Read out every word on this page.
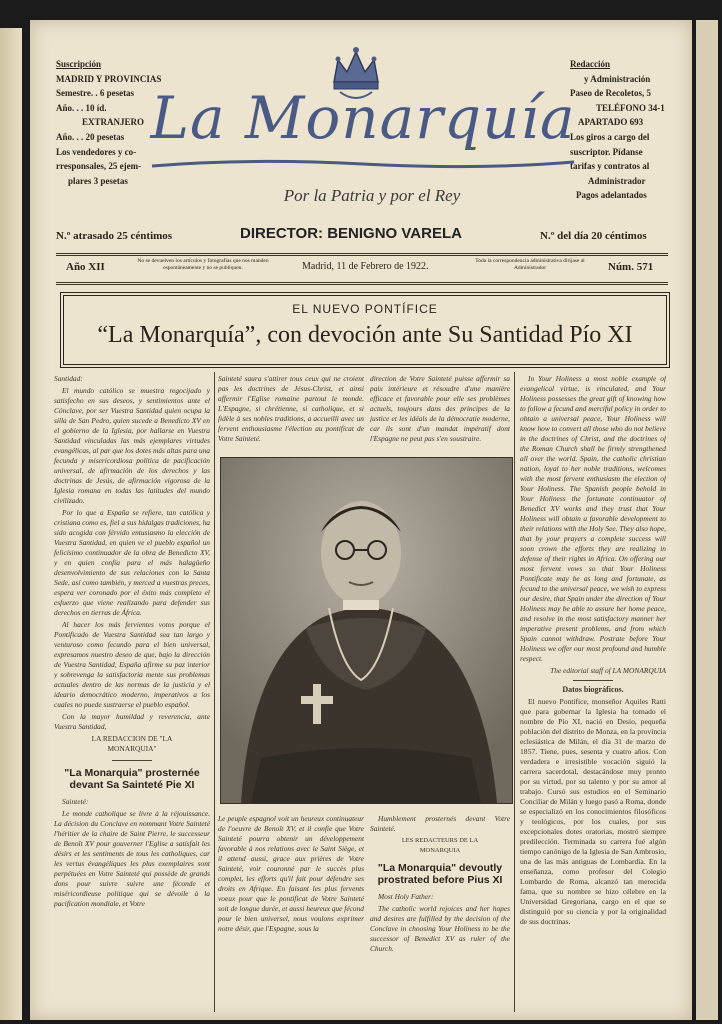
Suscripción
MADRID Y PROVINCIAS
Semestre. . 6 pesetas
Año. . . 10 íd.
EXTRANJERO
Año. . . 20 pesetas
Los vendedores y co-
rresponsales, 25 ejem-
plares 3 pesetas
Redacción
y Administración
Paseo de Recoletos, 5
TELÉFONO 34-1
APARTADO 693
Los giros a cargo del
suscriptor. Pídanse
tarifas y contratos al
Administrador
Pagos adelantados
La Monarquía
Por la Patria y por el Rey
N.º atrasado 25 céntimos	DIRECTOR: BENIGNO VARELA	N.º del día 20 céntimos
Año XII	No se devuelven los artículos y fotografías que nos manden espontáneamente y no se publiquen.	Madrid, 11 de Febrero de 1922.	Toda la correspondencia administrativa dirijase al Administrador	Núm. 571
EL NUEVO PONTÍFICE
“La Monarquía”, con devoción ante Su Santidad Pío XI

Santidad:

El mundo católico se muestra regocijado y satisfecho en sus deseos, y sentimientos ante el Cónclave, por ser Vuestra Santidad quien ocupa la silla de San Pedro, quien sucede a Benedicto XV en el gobierno de la Iglesia, por hallarse en Vuestra Santidad vinculadas las más ejemplares virtudes evangélicas, al par que los dotes más altas para una fecunda y misericordiosa política de pacificación universal, de afirmación de los derechos y las doctrinas de Jesús, de afirmación vigorosa de la Iglesia romana en todas las latitudes del mundo civilizado.

Por lo que a España se refiere, tan católica y cristiana como es, fiel a sus hidalgas tradiciones, ha sido acogida con férvido entusiasmo la elección de Vuestra Santidad, en quien ve el pueblo español un felicísimo continuador de la obra de Benedicto XV, y en quien confía para el más halagüeño desenvolvimiento de sus relaciones con la Santa Sede, así como también, y merced a vuestras preces, espera ver coronado por el éxito más completo el esfuerzo que viene realizando para defender sus derechos en tierras de África.

Al hacer los más fervientes votos porque el Pontificado de Vuestra Santidad sea tan largo y venturoso como fecundo para el bien universal, expresamos nuestro deseo de que, bajo la dirección de Vuestra Santidad, España afirme su paz interior y sobrevenga la satisfactoria mente sus problemas actuales dentro de las normas de la justicia y el ideario democrático moderno, imperativos a los cuales no puede sustraerse el pueblo español.

Con la mayor humildad y reverencia, ante Vuestra Santidad,

LA REDACCION DE "LA MONARQUIA"

"La Monarquia" prosternée devant Sa Sainteté Pie XI

Sainteté:

Le monde catholique se livre à la réjouissance. La décision du Conclave en nommant Votre Sainteté l'héritier de la chaire de Saint Pierre, le successeur de Benoît XV pour gouverner l'Eglise a satisfait les désirs et les sentiments de tous les catholiques, car les vertus évangéliques les plus exemplaires sont perpétuées en Votre Sainteté qui possède de grands dons pour suivre suivre une féconde et miséricordieuse politique qui se dévoile à la pacification mondiale, et Votre

Sainteté saura s'attirer tous ceux qui ne croient pas les doctrines de Jésus-Christ, et ainsi affermir l'Eglise romaine partout le monde. L'Espagne, si chrétienne, si catholique, et si fidèle à ses nobles traditions, a accueilli avec un fervent enthousiasme l'élection au pontificat de Votre Sainteté.

direction de Votre Sainteté puisse affermir sa paix intérieure et résoudre d'une manière efficace et favorable pour elle ses problèmes actuels, toujours dans des principes de la justice et les idéals de la démocratie moderne, car ils sont d'un mandat impératif dont l'Espagne ne peut pas s'en soustraire.

Le peuple espagnol voit un heureux continuateur de l'oeuvre de Benoît XV, et il confie que Votre Sainteté pourra obtenir un développement favorable à nos relations avec le Saint Siège, et il attend aussi, grace aux prières de Votre Sainteté, voir couronné par le succès plus complet, les efforts qu'il fait pour défendre ses droits en Afrique. En faisant les plus fervents voeux pour que le pontificat de Votre Sainteté soit de longue durée, et aussi heureux que fécond pour le bien universel, nous voulons exprimer notre désir, que l'Espagne, sous la

Humblement prosternés devant Votre Sainteté.

LES REDACTEURS DE LA MONARQUIA

"La Monarquia" devoutly prostrated before Pius XI

Most Holy Father:

The catholic world rejoices and her hopes and desires are fulfilled by the decision of the Conclave in choosing Your Holiness to be the successor of Benedict XV as ruler of the Church.

In Your Holiness a most noble example of evangelical virtue, is vinculated, and Your Holiness possesses the great gift of knowing how to follow a fecund and merciful policy in order to obtain a universal peace, Your Holiness will know how to convert all those who do not believe in the doctrines of Christ, and the doctrines of the Roman Church shall be firmly strengthened all over the world. Spain, the catholic christian nation, loyal to her noble traditions, welcomes with the most fervent enthusiasm the election of Your Holiness. The Spanish people behold in Your Holiness the fortunate continuator of Benedict XV works and they trust that Your Holiness will obtain a favorable development to their relations with the Holy See. They also hope, that by your prayers a complete success will soon crown the efforts they are realizing in defense of their rights in Africa. On offering our most fervent vows so that Your Holiness Pontificate may be as long and fortunate, as fecund to the universal peace, we wish to express our desire, that Spain under the direction of Your Holiness may be able to assure her home peace, and resolve in the most satisfactory manner her imperative present problems, and from which Spain cannot withdraw. Postrate before Your Holiness we offer our most profound and humble respect.

The editorial staff of LA MONARQUIA

Datos biográficos.

El nuevo Pontífice, monseñor Aquiles Ratti que para gobernar la Iglesia ha tomado el nombre de Pío XI, nació en Desio, pequeña población del distrito de Monza, en la provincia eclesiástica de Milán, el día 31 de marzo de 1857. Tiene, pues, sesenta y cuatro años. Con verdadera e irresistible vocación siguió la carrera sacerdotal, destacándose muy pronto por su virtud, por su talento y por su amor al trabajo. Cursó sus estudios en el Seminario Conciliar de Milán y luego pasó a Roma, donde se especializó en los conocimientos filosóficos y teológicos, por los cuales, por sus excepcionales dotes oratorias, mostró siempre predilección. Terminada su carrera fué algún tiempo canónigo de la Iglesia de San Ambrosio, una de las más antiguas de Lombardía. En la enseñanza, como profesor del Colegio Lombardo de Roma, alcanzó tan merecida fama, que su nombre se hizo célebre en la Universidad Gregoriana, cargo en el que se distinguió por su ciencia y por la originalidad de sus doctrinas.
